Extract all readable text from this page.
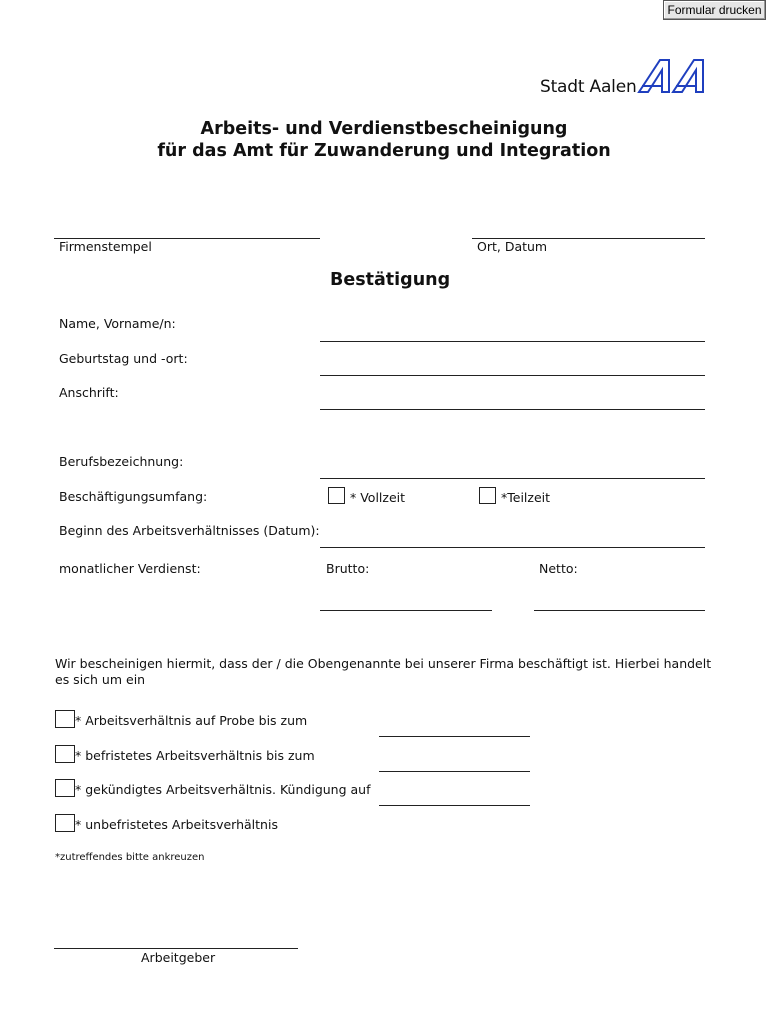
Formular drucken
Stadt Aalen
Arbeits- und Verdienstbescheinigung
für das Amt für Zuwanderung und Integration
Firmenstempel	Ort, Datum
Bestätigung
Name, Vorname/n:
Geburtstag und -ort:
Anschrift:
Berufsbezeichnung:
Beschäftigungsumfang:	* Vollzeit	*Teilzeit
Beginn des Arbeitsverhältnisses (Datum):
monatlicher Verdienst:	Brutto:	Netto:
Wir bescheinigen hiermit, dass der / die Obengenannte bei unserer Firma beschäftigt ist. Hierbei handelt es sich um ein
* Arbeitsverhältnis auf Probe bis zum
* befristetes Arbeitsverhältnis bis zum
* gekündigtes Arbeitsverhältnis. Kündigung auf
* unbefristetes Arbeitsverhältnis
*zutreffendes bitte ankreuzen
Arbeitgeber
